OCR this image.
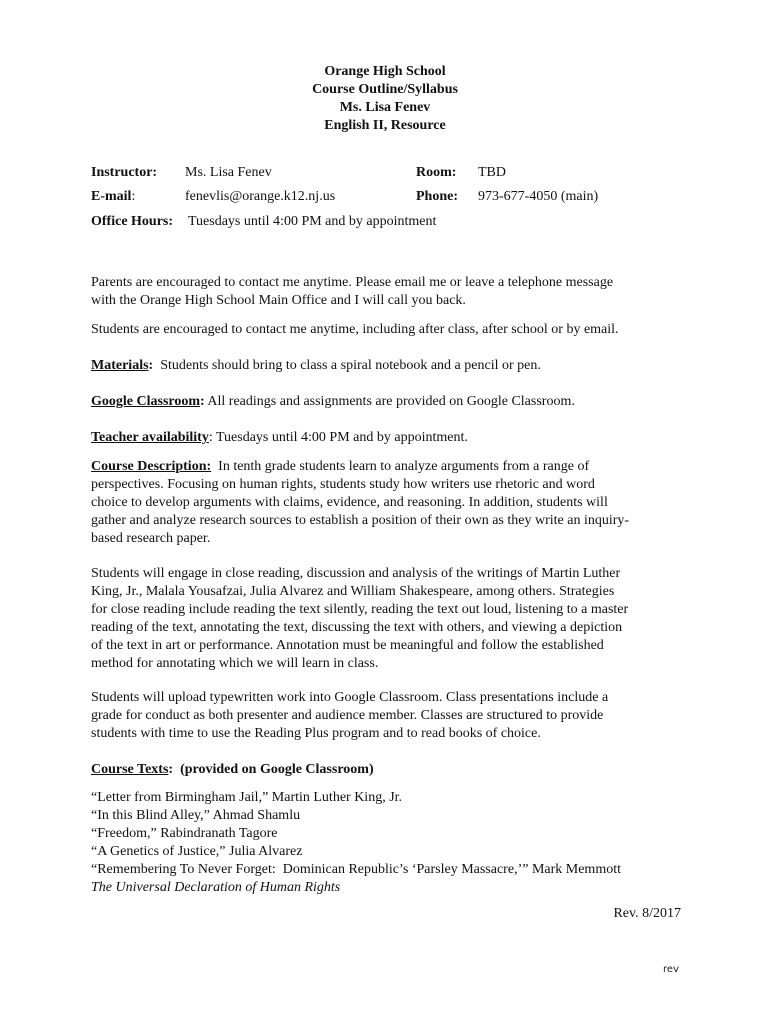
Orange High School
Course Outline/Syllabus
Ms. Lisa Fenev
English II, Resource
Instructor: Ms. Lisa Fenev	Room: TBD
E-mail:	fenevlis@orange.k12.nj.us	Phone: 973-677-4050 (main)
Office Hours: Tuesdays until 4:00 PM and by appointment
Parents are encouraged to contact me anytime. Please email me or leave a telephone message
with the Orange High School Main Office and I will call you back.
Students are encouraged to contact me anytime, including after class, after school or by email.
Materials:  Students should bring to class a spiral notebook and a pencil or pen.
Google Classroom: All readings and assignments are provided on Google Classroom.
Teacher availability: Tuesdays until 4:00 PM and by appointment.
Course Description:  In tenth grade students learn to analyze arguments from a range of
perspectives. Focusing on human rights, students study how writers use rhetoric and word
choice to develop arguments with claims, evidence, and reasoning. In addition, students will
gather and analyze research sources to establish a position of their own as they write an inquiry-
based research paper.
Students will engage in close reading, discussion and analysis of the writings of Martin Luther
King, Jr., Malala Yousafzai, Julia Alvarez and William Shakespeare, among others. Strategies
for close reading include reading the text silently, reading the text out loud, listening to a master
reading of the text, annotating the text, discussing the text with others, and viewing a depiction
of the text in art or performance. Annotation must be meaningful and follow the established
method for annotating which we will learn in class.
Students will upload typewritten work into Google Classroom. Class presentations include a
grade for conduct as both presenter and audience member. Classes are structured to provide
students with time to use the Reading Plus program and to read books of choice.
Course Texts:  (provided on Google Classroom)
“Letter from Birmingham Jail,” Martin Luther King, Jr.
“In this Blind Alley,” Ahmad Shamlu
“Freedom,” Rabindranath Tagore
“A Genetics of Justice,” Julia Alvarez
“Remembering To Never Forget:  Dominican Republic’s ‘Parsley Massacre,’” Mark Memmott
The Universal Declaration of Human Rights
Rev. 8/2017
rev
